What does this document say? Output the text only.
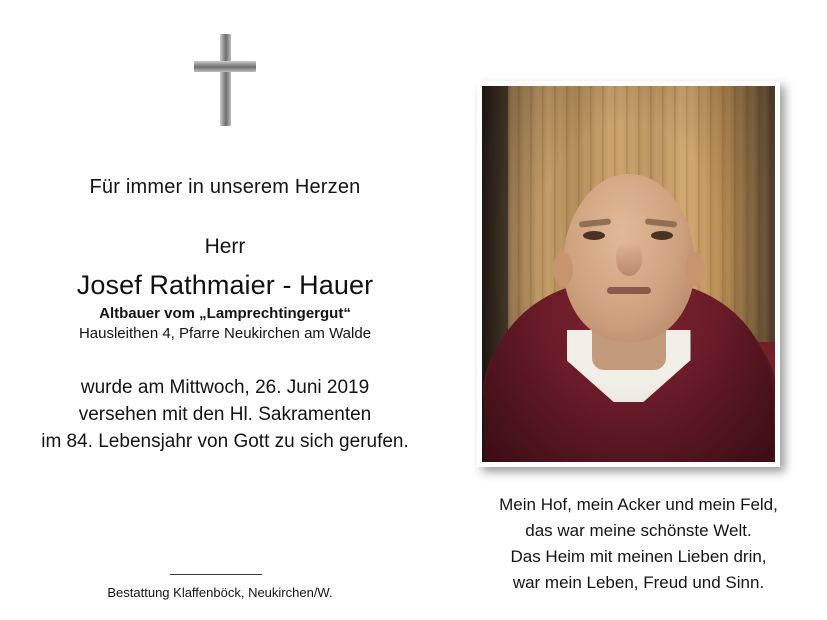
Für immer in unserem Herzen
Herr
Josef Rathmaier - Hauer
Altbauer vom „Lamprechtingergut“
Hausleithen 4, Pfarre Neukirchen am Walde
wurde am Mittwoch, 26. Juni 2019
versehen mit den Hl. Sakramenten
im 84. Lebensjahr von Gott zu sich gerufen.
Bestattung Klaffenböck, Neukirchen/W.
Mein Hof, mein Acker und mein Feld,
das war meine schönste Welt.
Das Heim mit meinen Lieben drin,
war mein Leben, Freud und Sinn.
